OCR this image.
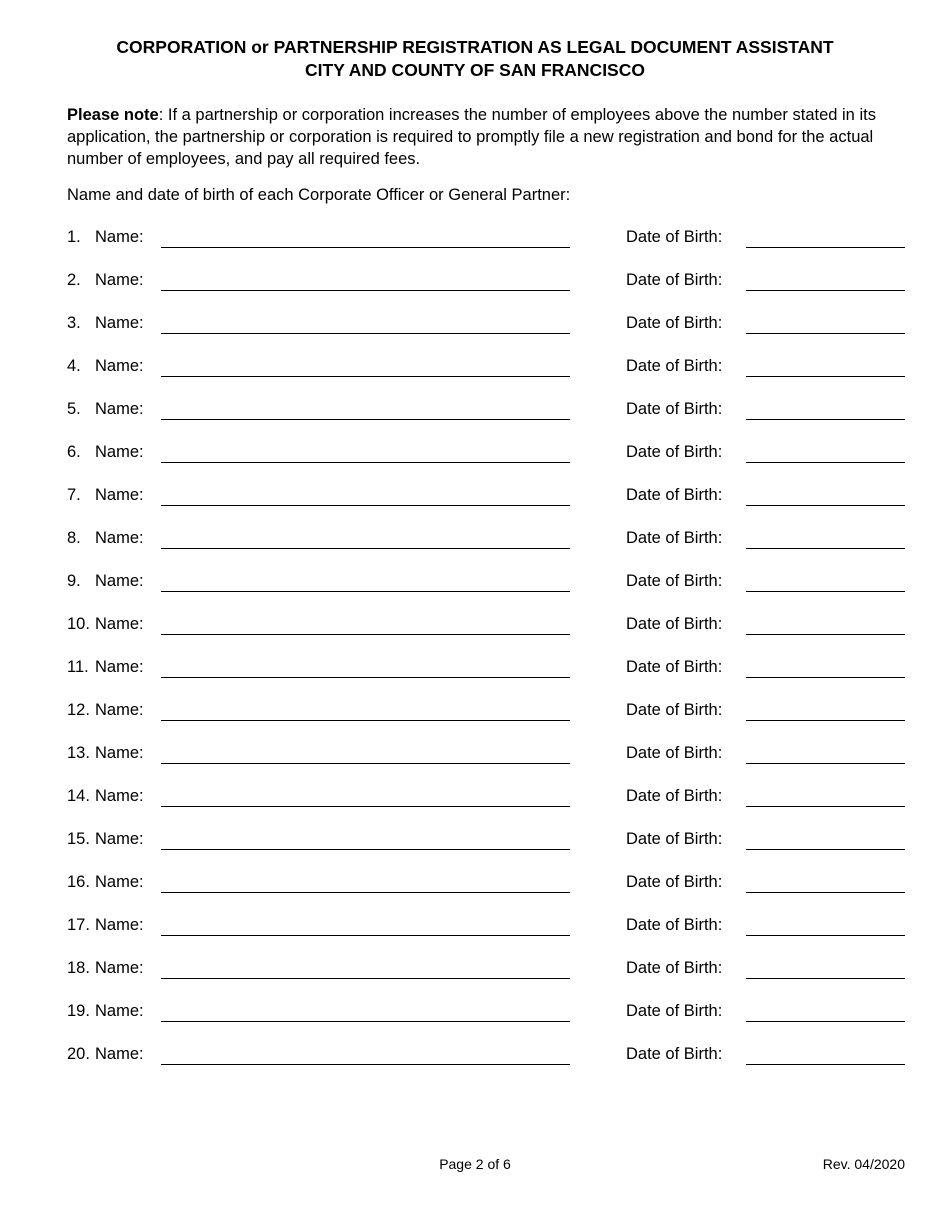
CORPORATION or PARTNERSHIP REGISTRATION AS LEGAL DOCUMENT ASSISTANT
CITY AND COUNTY OF SAN FRANCISCO
Please note: If a partnership or corporation increases the number of employees above the number stated in its application, the partnership or corporation is required to promptly file a new registration and bond for the actual number of employees, and pay all required fees.
Name and date of birth of each Corporate Officer or General Partner:
1. Name:	Date of Birth:
2. Name:	Date of Birth:
3. Name:	Date of Birth:
4. Name:	Date of Birth:
5. Name:	Date of Birth:
6. Name:	Date of Birth:
7. Name:	Date of Birth:
8. Name:	Date of Birth:
9. Name:	Date of Birth:
10. Name:	Date of Birth:
11. Name:	Date of Birth:
12. Name:	Date of Birth:
13. Name:	Date of Birth:
14. Name:	Date of Birth:
15. Name:	Date of Birth:
16. Name:	Date of Birth:
17. Name:	Date of Birth:
18. Name:	Date of Birth:
19. Name:	Date of Birth:
20. Name:	Date of Birth:
Page 2 of 6	Rev. 04/2020
